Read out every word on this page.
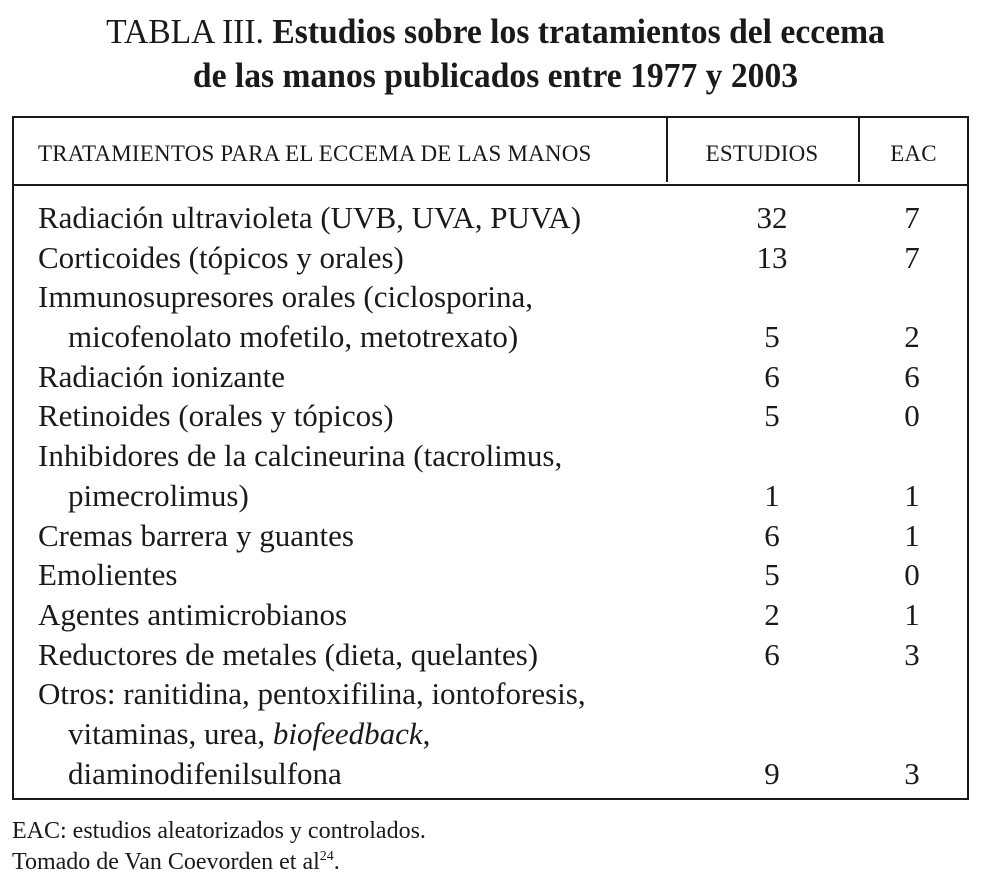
TABLA III. Estudios sobre los tratamientos del eccema
de las manos publicados entre 1977 y 2003
TRATAMIENTOS PARA EL ECCEMA DE LAS MANOS	ESTUDIOS	EAC
Radiación ultravioleta (UVB, UVA, PUVA)	32	7
Corticoides (tópicos y orales)	13	7
Immunosupresores orales (ciclosporina,
micofenolato mofetilo, metotrexato)	5	2
Radiación ionizante	6	6
Retinoides (orales y tópicos)	5	0
Inhibidores de la calcineurina (tacrolimus,
pimecrolimus)	1	1
Cremas barrera y guantes	6	1
Emolientes	5	0
Agentes antimicrobianos	2	1
Reductores de metales (dieta, quelantes)	6	3
Otros: ranitidina, pentoxifilina, iontoforesis,
vitaminas, urea, biofeedback,
diaminodifenilsulfona	9	3
EAC: estudios aleatorizados y controlados.
Tomado de Van Coevorden et $al^{24}$.
